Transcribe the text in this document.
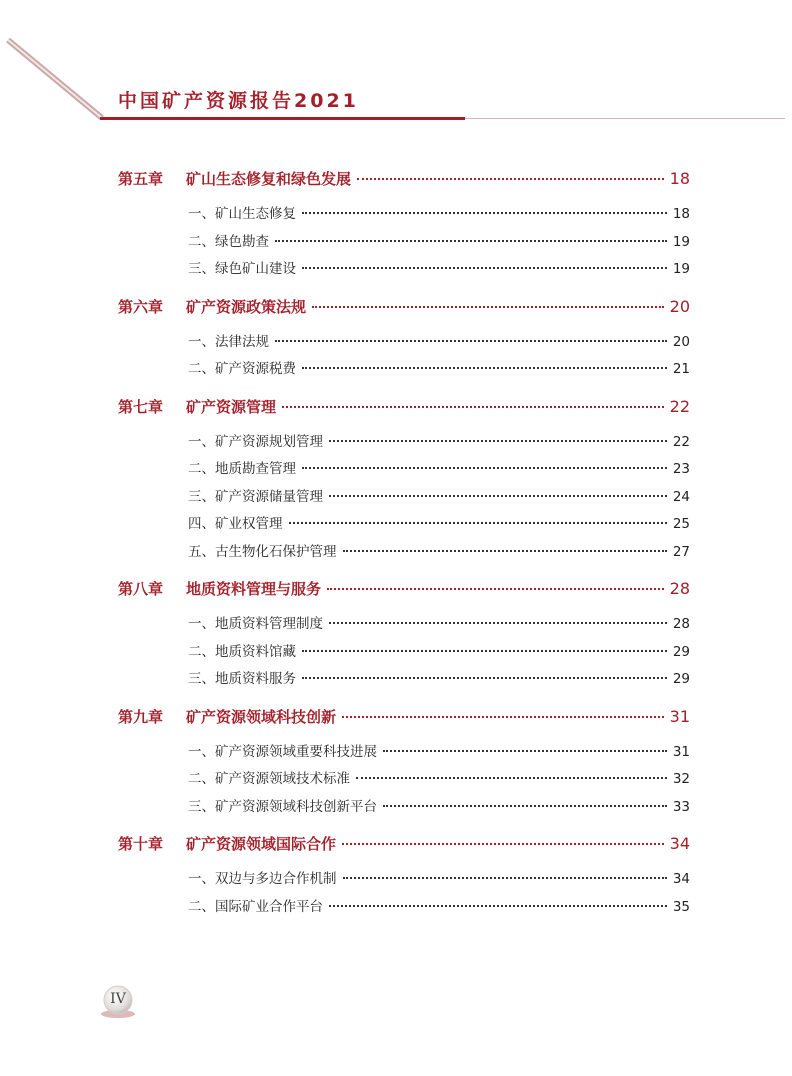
中国矿产资源报告2021
第五章	矿山生态修复和绿色发展	18
一、矿山生态修复	18
二、绿色勘查	19
三、绿色矿山建设	19
第六章	矿产资源政策法规	20
一、法律法规	20
二、矿产资源税费	21
第七章	矿产资源管理	22
一、矿产资源规划管理	22
二、地质勘查管理	23
三、矿产资源储量管理	24
四、矿业权管理	25
五、古生物化石保护管理	27
第八章	地质资料管理与服务	28
一、地质资料管理制度	28
二、地质资料馆藏	29
三、地质资料服务	29
第九章	矿产资源领域科技创新	31
一、矿产资源领域重要科技进展	31
二、矿产资源领域技术标准	32
三、矿产资源领域科技创新平台	33
第十章	矿产资源领域国际合作	34
一、双边与多边合作机制	34
二、国际矿业合作平台	35
IV
